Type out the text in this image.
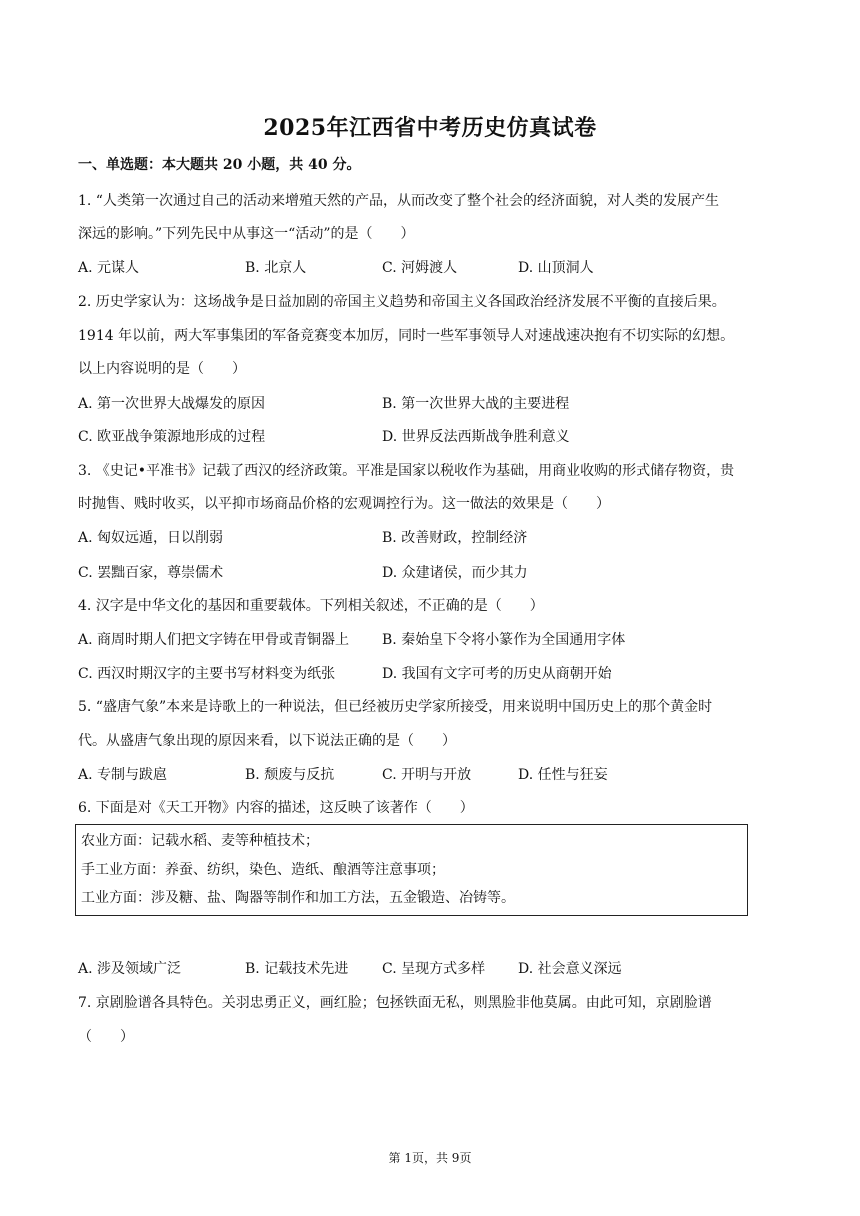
2025年江西省中考历史仿真试卷
一、单选题：本大题共 20 小题，共 40 分。
1. “人类第一次通过自己的活动来增殖天然的产品，从而改变了整个社会的经济面貌，对人类的发展产生
深远的影响。”下列先民中从事这一“活动”的是（　　）
A. 元谋人	B. 北京人	C. 河姆渡人	D. 山顶洞人
2. 历史学家认为：这场战争是日益加剧的帝国主义趋势和帝国主义各国政治经济发展不平衡的直接后果。
1914 年以前，两大军事集团的军备竞赛变本加厉，同时一些军事领导人对速战速决抱有不切实际的幻想。
以上内容说明的是（　　）
A. 第一次世界大战爆发的原因	B. 第一次世界大战的主要进程
C. 欧亚战争策源地形成的过程	D. 世界反法西斯战争胜利意义
3. 《史记•平准书》记载了西汉的经济政策。平准是国家以税收作为基础，用商业收购的形式储存物资，贵
时抛售、贱时收买，以平抑市场商品价格的宏观调控行为。这一做法的效果是（　　）
A. 匈奴远遁，日以削弱	B. 改善财政，控制经济
C. 罢黜百家，尊崇儒术	D. 众建诸侯，而少其力
4. 汉字是中华文化的基因和重要载体。下列相关叙述，不正确的是（　　）
A. 商周时期人们把文字铸在甲骨或青铜器上 B. 秦始皇下令将小篆作为全国通用字体
C. 西汉时期汉字的主要书写材料变为纸张	D. 我国有文字可考的历史从商朝开始
5. “盛唐气象”本来是诗歌上的一种说法，但已经被历史学家所接受，用来说明中国历史上的那个黄金时
代。从盛唐气象出现的原因来看，以下说法正确的是（　　）
A. 专制与跋扈	B. 颓废与反抗	C. 开明与开放	D. 任性与狂妄
6. 下面是对《天工开物》内容的描述，这反映了该著作（　　）
农业方面：记载水稻、麦等种植技术；
手工业方面：养蚕、纺织，染色、造纸、酿酒等注意事项；
工业方面：涉及糖、盐、陶器等制作和加工方法，五金锻造、冶铸等。
A. 涉及领域广泛	B. 记载技术先进 C. 呈现方式多样 D. 社会意义深远
7. 京剧脸谱各具特色。关羽忠勇正义，画红脸；包拯铁面无私，则黑脸非他莫属。由此可知，京剧脸谱
（　　）
第 1页，共 9页
